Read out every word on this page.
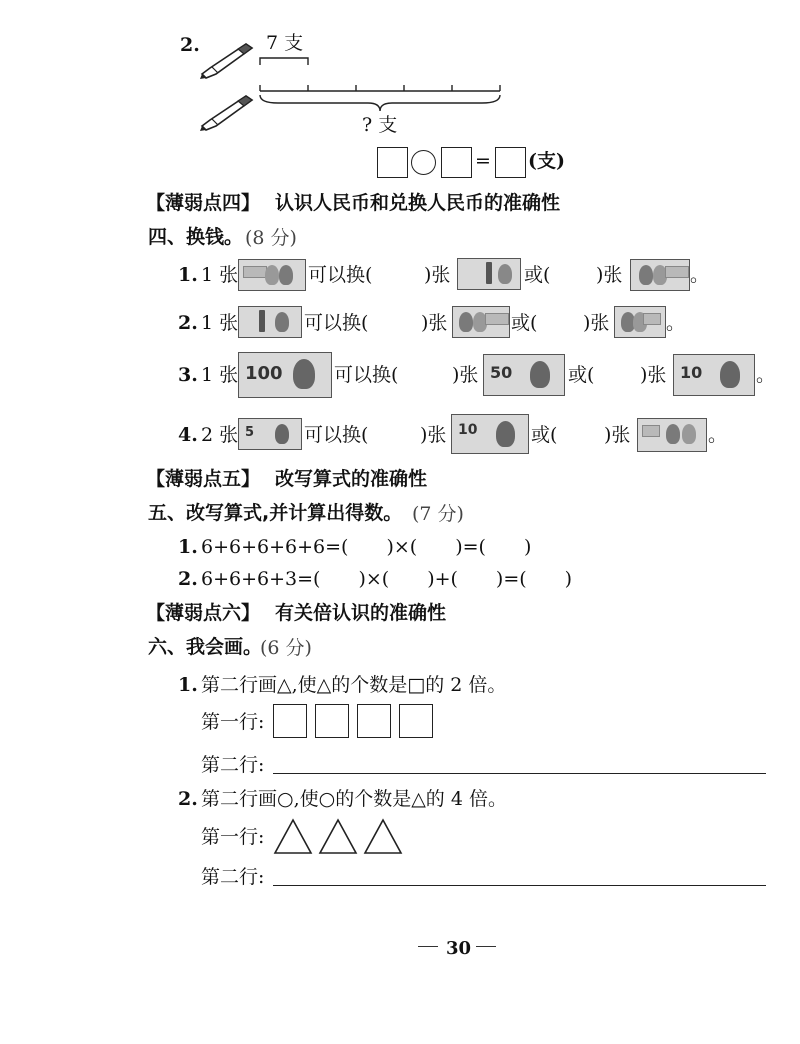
2.	7 支
? 支
= (支)
【薄弱点四】 认识人民币和兑换人民币的准确性
四、换钱。 (8 分)
1. 1 张	可以换(	)张	或( )张	。
2. 1 张	可以换(	)张	或( )张	。
3. 1 张 100	可以换(	)张 50	或( )张 10	。
4. 2 张 5	可以换(	)张 10	或( )张	。
【薄弱点五】 改写算式的准确性
五、改写算式,并计算出得数。 (7 分)
1. 6+6+6+6+6=(　　)×(　　)=(　　)
2. 6+6+6+3=(　　)×(　　)+(　　)=(　　)
【薄弱点六】 有关倍认识的准确性
六、我会画。
(6 分)
1. 第二行画△,使△的个数是□的 2 倍。
第一行:
第二行:
2. 第二行画○,使○的个数是△的 4 倍。
第一行:
第二行:
30
